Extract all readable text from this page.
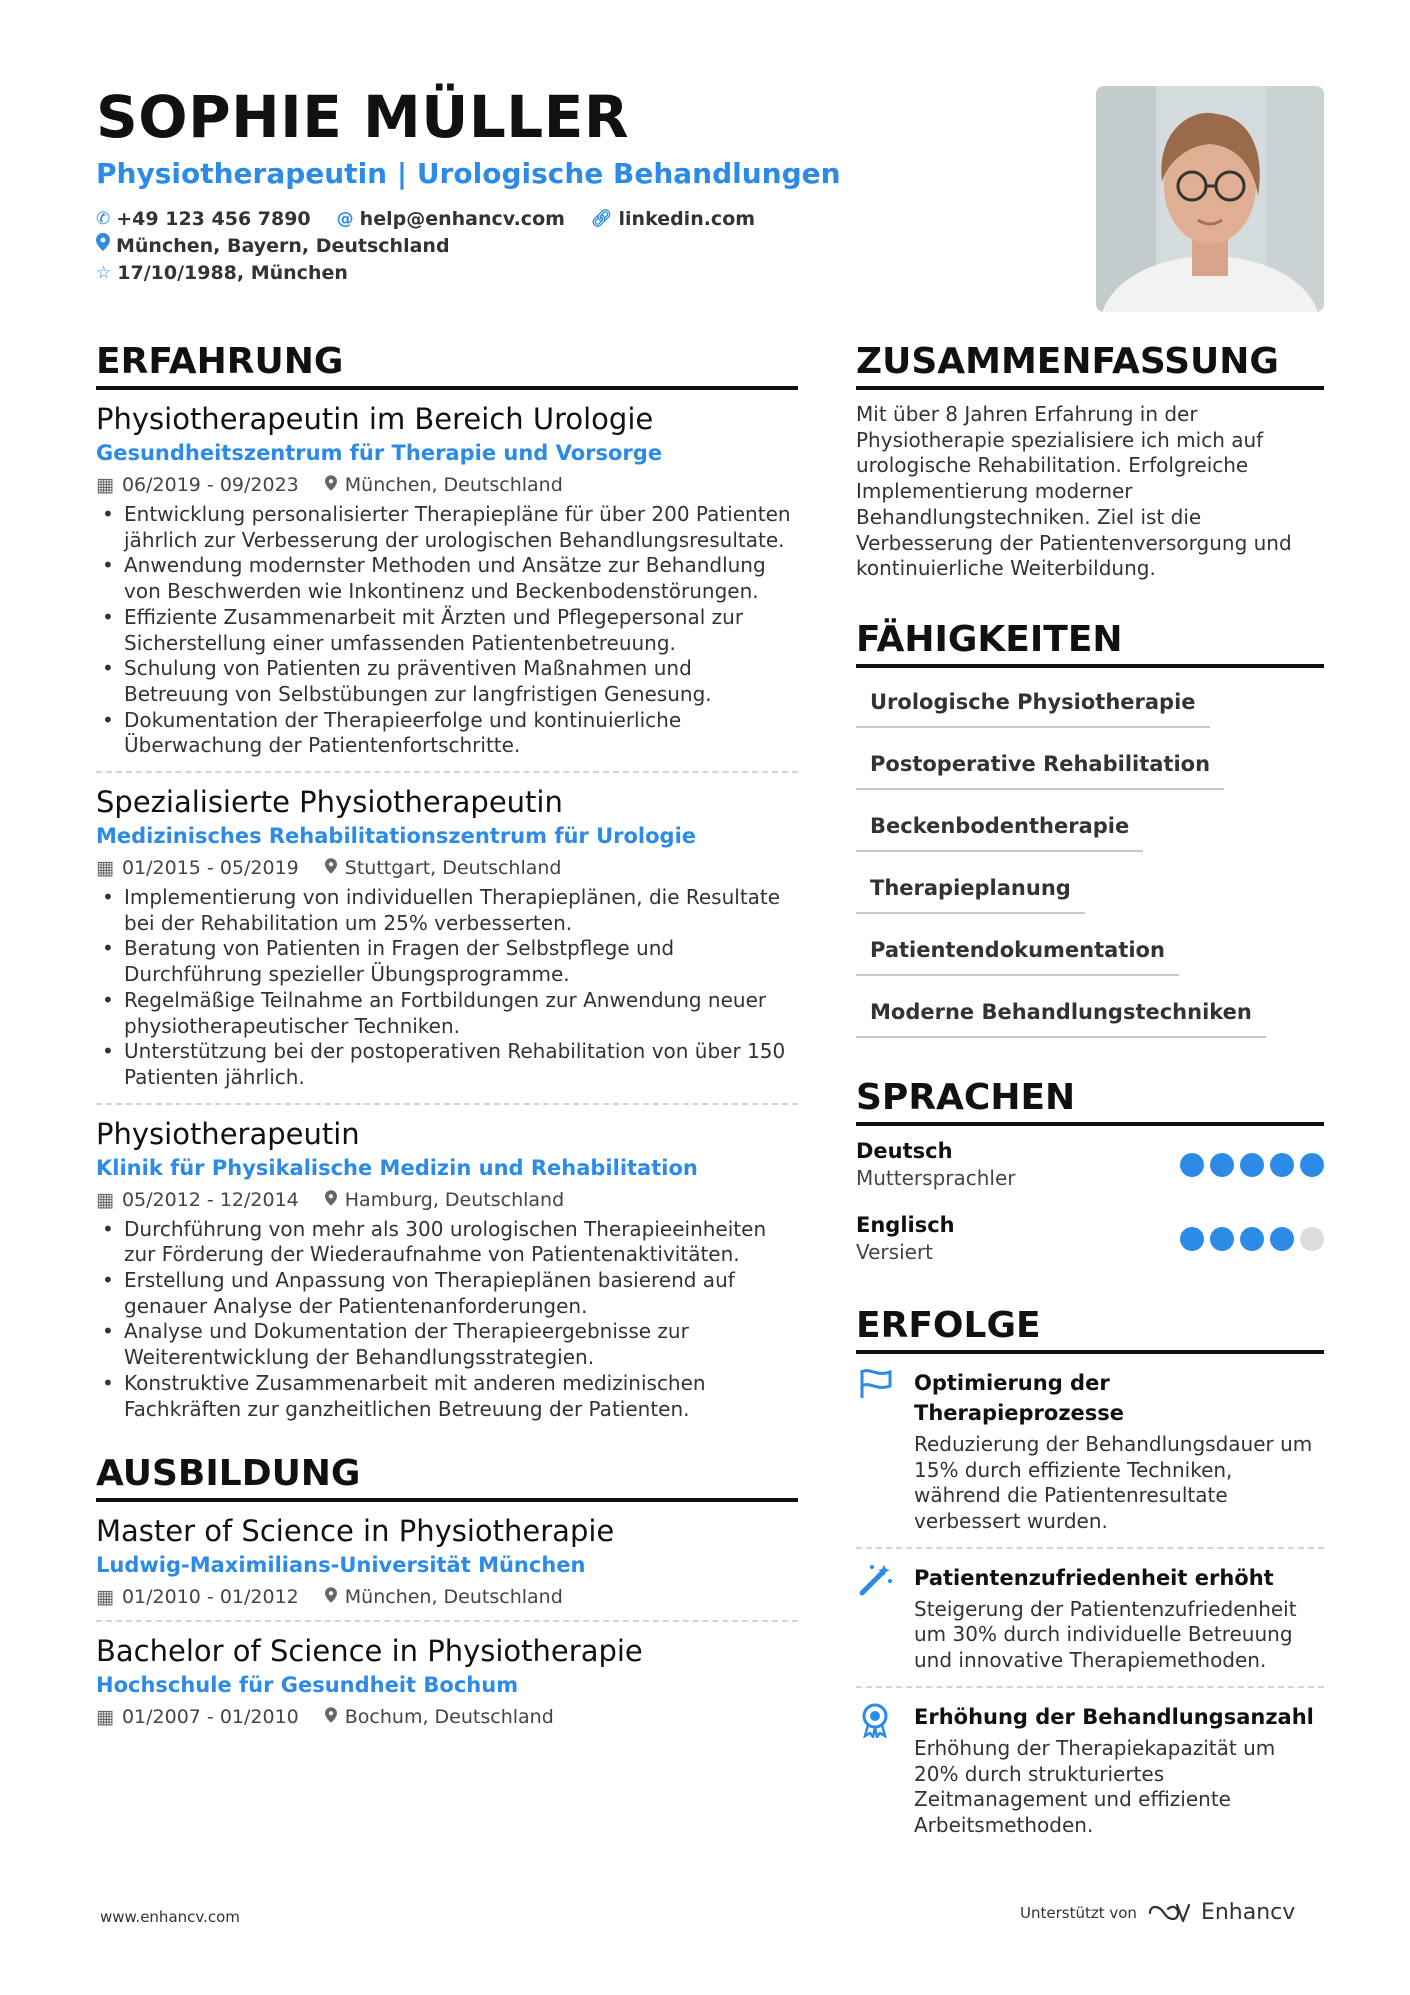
SOPHIE MÜLLER
Physiotherapeutin | Urologische Behandlungen
✆ +49 123 456 7890 @ help@enhancv.com 🔗︎ linkedin.com
München, Bayern, Deutschland
☆ 17/10/1988, München
ERFAHRUNG
Physiotherapeutin im Bereich Urologie
Gesundheitszentrum für Therapie und Vorsorge
▦ 06/2019 - 09/2023 München, Deutschland
• Entwicklung personalisierter Therapiepläne für über 200 Patienten jährlich zur Verbesserung der urologischen Behandlungsresultate.
• Anwendung modernster Methoden und Ansätze zur Behandlung von Beschwerden wie Inkontinenz und Beckenbodenstörungen.
• Effiziente Zusammenarbeit mit Ärzten und Pflegepersonal zur Sicherstellung einer umfassenden Patientenbetreuung.
• Schulung von Patienten zu präventiven Maßnahmen und Betreuung von Selbstübungen zur langfristigen Genesung.
• Dokumentation der Therapieerfolge und kontinuierliche Überwachung der Patientenfortschritte.
Spezialisierte Physiotherapeutin
Medizinisches Rehabilitationszentrum für Urologie
▦ 01/2015 - 05/2019 Stuttgart, Deutschland
• Implementierung von individuellen Therapieplänen, die Resultate bei der Rehabilitation um 25% verbesserten.
• Beratung von Patienten in Fragen der Selbstpflege und Durchführung spezieller Übungsprogramme.
• Regelmäßige Teilnahme an Fortbildungen zur Anwendung neuer physiotherapeutischer Techniken.
• Unterstützung bei der postoperativen Rehabilitation von über 150 Patienten jährlich.
Physiotherapeutin
Klinik für Physikalische Medizin und Rehabilitation
▦ 05/2012 - 12/2014 Hamburg, Deutschland
• Durchführung von mehr als 300 urologischen Therapieeinheiten zur Förderung der Wiederaufnahme von Patientenaktivitäten.
• Erstellung und Anpassung von Therapieplänen basierend auf genauer Analyse der Patientenanforderungen.
• Analyse und Dokumentation der Therapieergebnisse zur Weiterentwicklung der Behandlungsstrategien.
• Konstruktive Zusammenarbeit mit anderen medizinischen Fachkräften zur ganzheitlichen Betreuung der Patienten.
AUSBILDUNG
Master of Science in Physiotherapie
Ludwig-Maximilians-Universität München
▦ 01/2010 - 01/2012 München, Deutschland
Bachelor of Science in Physiotherapie
Hochschule für Gesundheit Bochum
▦ 01/2007 - 01/2010 Bochum, Deutschland
ZUSAMMENFASSUNG
Mit über 8 Jahren Erfahrung in der Physiotherapie spezialisiere ich mich auf urologische Rehabilitation. Erfolgreiche Implementierung moderner Behandlungstechniken. Ziel ist die Verbesserung der Patientenversorgung und kontinuierliche Weiterbildung.
FÄHIGKEITEN
Urologische Physiotherapie
Postoperative Rehabilitation
Beckenbodentherapie
Therapieplanung
Patientendokumentation
Moderne Behandlungstechniken
SPRACHEN
Deutsch
Muttersprachler
Englisch
Versiert
ERFOLGE
Optimierung der Therapieprozesse
Reduzierung der Behandlungsdauer um 15% durch effiziente Techniken, während die Patientenresultate verbessert wurden.
Patientenzufriedenheit erhöht
Steigerung der Patientenzufriedenheit um 30% durch individuelle Betreuung und innovative Therapiemethoden.
Erhöhung der Behandlungsanzahl
Erhöhung der Therapiekapazität um 20% durch strukturiertes Zeitmanagement und effiziente Arbeitsmethoden.
www.enhancv.com	Unterstützt von	Enhancv
